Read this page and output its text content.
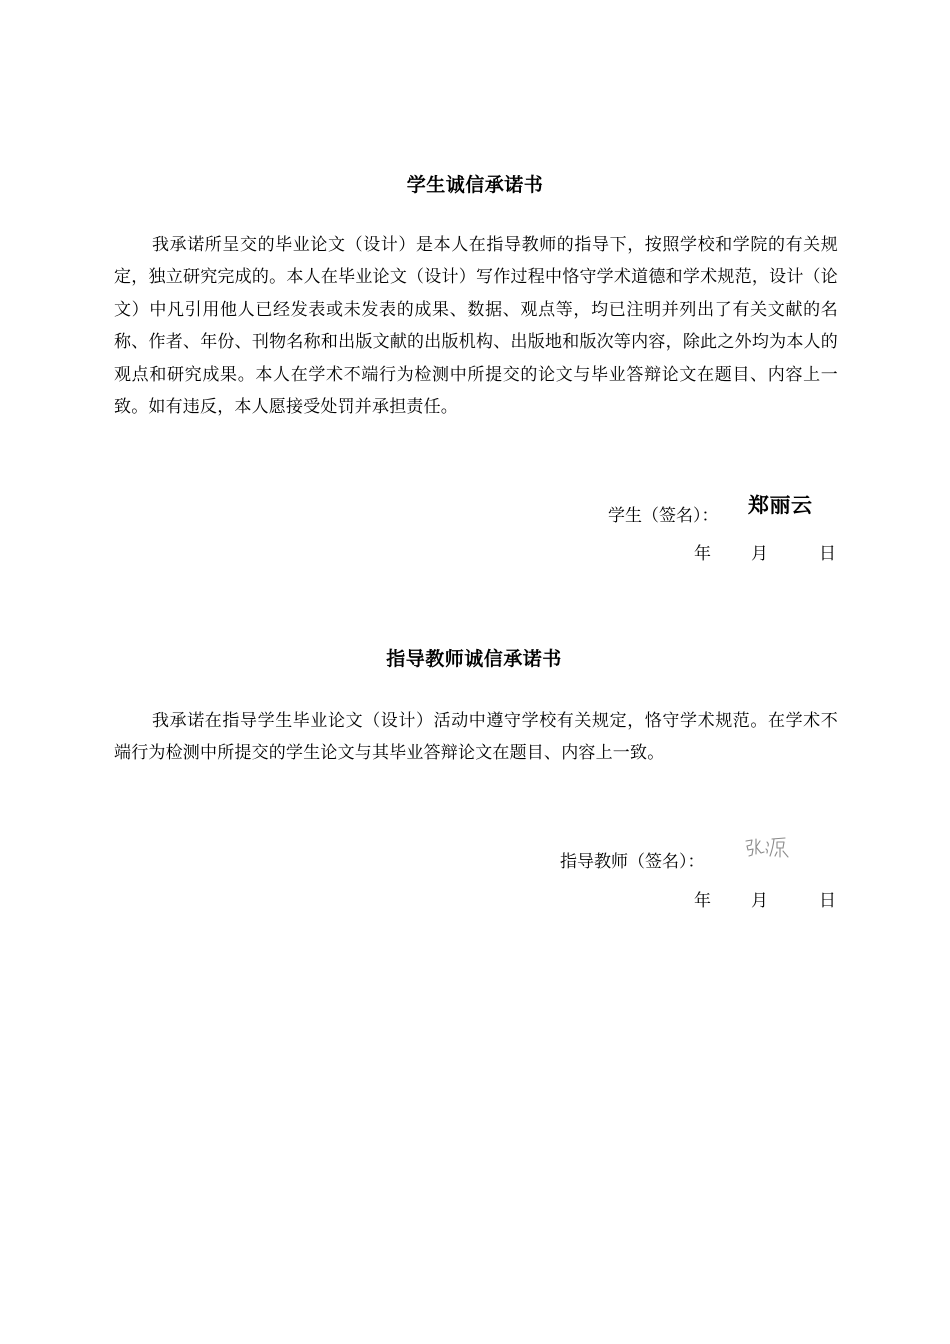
学生诚信承诺书
我承诺所呈交的毕业论文（设计）是本人在指导教师的指导下，按照学校和学院的有关规定，独立研究完成的。本人在毕业论文（设计）写作过程中恪守学术道德和学术规范，设计（论文）中凡引用他人已经发表或未发表的成果、数据、观点等，均已注明并列出了有关文献的名称、作者、年份、刊物名称和出版文献的出版机构、出版地和版次等内容，除此之外均为本人的观点和研究成果。本人在学术不端行为检测中所提交的论文与毕业答辩论文在题目、内容上一致。如有违反，本人愿接受处罚并承担责任。
学生（签名）： 郑丽云
年 月	日
指导教师诚信承诺书
我承诺在指导学生毕业论文（设计）活动中遵守学校有关规定，恪守学术规范。在学术不端行为检测中所提交的学生论文与其毕业答辩论文在题目、内容上一致。
指导教师（签名）：
年 月	日
